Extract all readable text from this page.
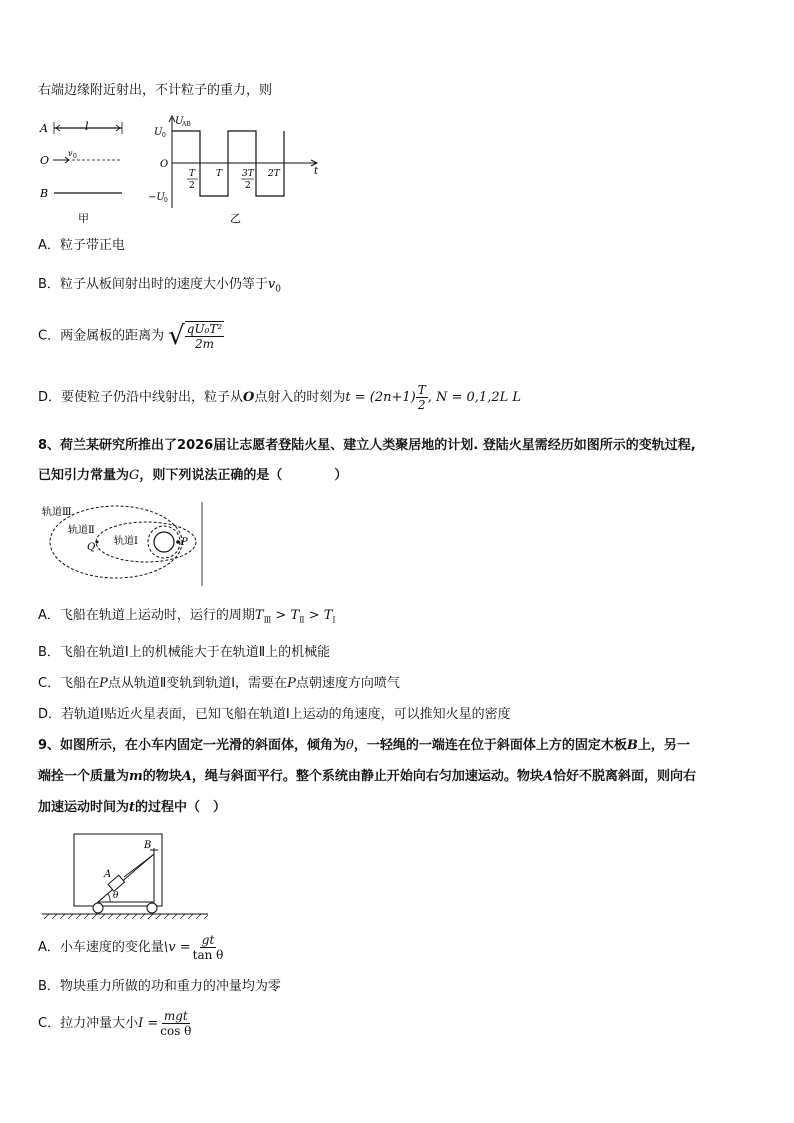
右端边缘附近射出，不计粒子的重力，则
A	l
O
v 0
B
甲
U
AB
t
U 0
O
−U 0
T
2
T 3T
2
2T
乙
A．粒子带正电
B．粒子从板间射出时的速度大小仍等于$v_0$
C．两金属板的距离为 √ $\frac{\text{qU₀T²}}{2m}$
D．要使粒子仍沿中线射出，粒子从O点射入的时刻为$t = (2n+1) \frac{T}{2}$ , N = 0,1,2L L
8、荷兰某研究所推出了2026届让志愿者登陆火星、建立人类聚居地的计划. 登陆火星需经历如图所示的变轨过程,
已知引力常量为G，则下列说法正确的是（　　　　）
轨道Ⅲ
轨道Ⅱ
轨道Ⅰ
Q	P
A．飞船在轨道上运动时，运行的周期$T_Ⅲ > T_Ⅱ > T_Ⅰ$
B．飞船在轨道Ⅰ上的机械能大于在轨道Ⅱ上的机械能
C．飞船在P点从轨道Ⅱ变轨到轨道Ⅰ，需要在P点朝速度方向喷气
D．若轨道Ⅰ贴近火星表面，已知飞船在轨道Ⅰ上运动的角速度，可以推知火星的密度
9、如图所示，在小车内固定一光滑的斜面体，倾角为θ，一轻绳的一端连在位于斜面体上方的固定木板B上，另一
端拴一个质量为m的物块A，绳与斜面平行。整个系统由静止开始向右匀加速运动。物块A恰好不脱离斜面，则向右
加速运动时间为t的过程中（　）
θ
A
B
A．小车速度的变化量\v = $\frac{gt}{\text{tan θ}}$
B．物块重力所做的功和重力的冲量均为零
C．拉力冲量大小$I = \frac{\text{mgt}}{\text{cos θ}}$
